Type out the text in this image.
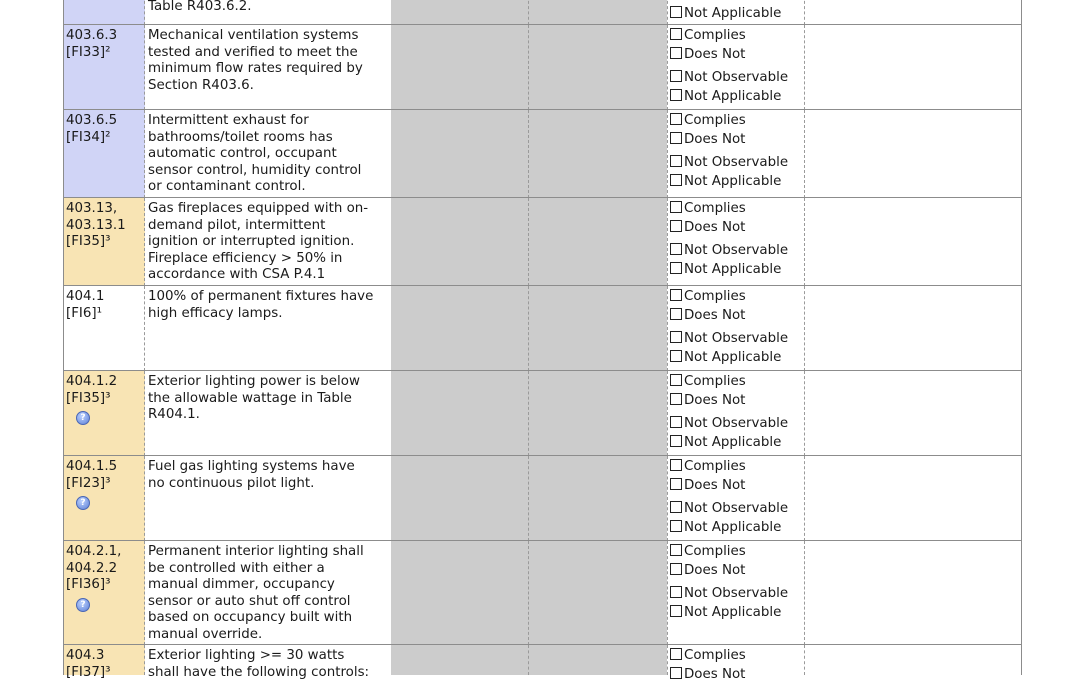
Table R403.6.2.	Not Applicable
403.6.3
[FI33]²
Mechanical ventilation systems
tested and verified to meet the
minimum flow rates required by
Section R403.6.
Complies
Does Not
Not Observable
Not Applicable
403.6.5
[FI34]²
Intermittent exhaust for
bathrooms/toilet rooms has
automatic control, occupant
sensor control, humidity control
or contaminant control.
Complies
Does Not
Not Observable
Not Applicable
403.13,
403.13.1
[FI35]³
Gas fireplaces equipped with on-
demand pilot, intermittent
ignition or interrupted ignition.
Fireplace efficiency > 50% in
accordance with CSA P.4.1
Complies
Does Not
Not Observable
Not Applicable
404.1
[FI6]¹
100% of permanent fixtures have
high efficacy lamps.
Complies
Does Not
Not Observable
Not Applicable
404.1.2
[FI35]³
?
Exterior lighting power is below
the allowable wattage in Table
R404.1.
Complies
Does Not
Not Observable
Not Applicable
404.1.5
[FI23]³
?
Fuel gas lighting systems have
no continuous pilot light.
Complies
Does Not
Not Observable
Not Applicable
404.2.1,
404.2.2
[FI36]³
?
Permanent interior lighting shall
be controlled with either a
manual dimmer, occupancy
sensor or auto shut off control
based on occupancy built with
manual override.
Complies
Does Not
Not Observable
Not Applicable
404.3
[FI37]³
Exterior lighting >= 30 watts
shall have the following controls:
Complies
Does Not
